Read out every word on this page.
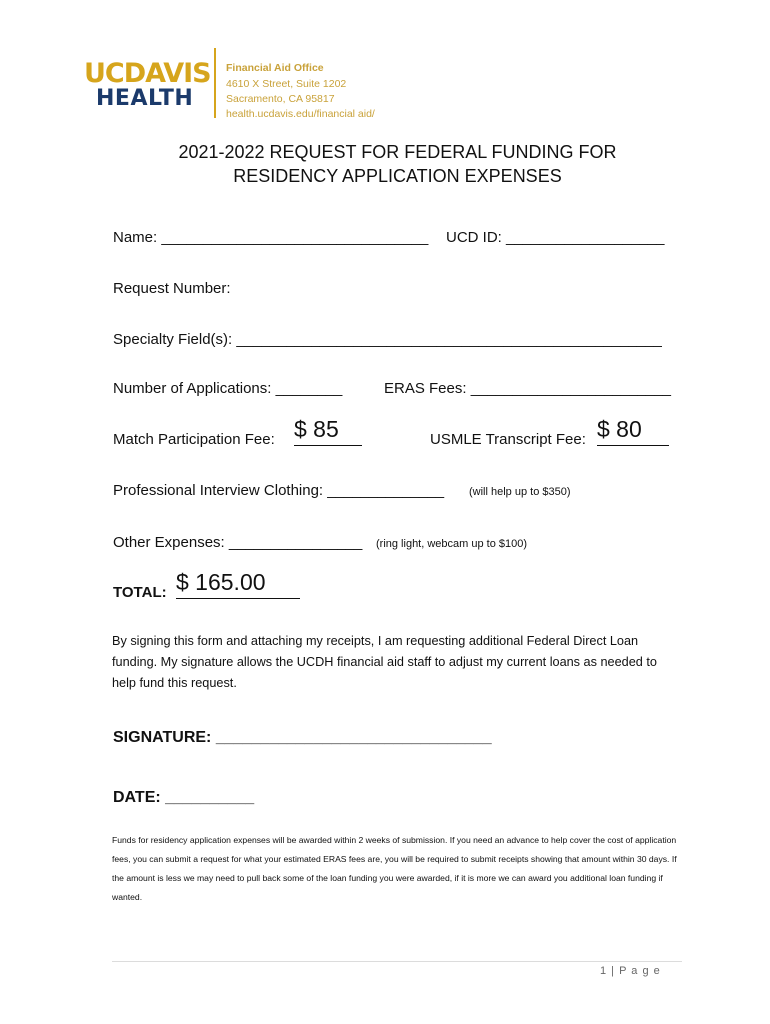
UCDAVIS
HEALTH
Financial Aid Office
4610 X Street, Suite 1202
Sacramento, CA 95817
health.ucdavis.edu/financial aid/
2021-2022 REQUEST FOR FEDERAL FUNDING FOR
RESIDENCY APPLICATION EXPENSES
Name: ________________________________ UCD ID: ___________________
Request Number:
Specialty Field(s): ___________________________________________________
Number of Applications: ________	ERAS Fees: ________________________
Match Participation Fee: $ 85	USMLE Transcript Fee: $ 80
Professional Interview Clothing: ______________ (will help up to $350)
Other Expenses: ________________ (ring light, webcam up to $100)
TOTAL: $ 165.00
By signing this form and attaching my receipts, I am requesting additional Federal Direct Loan funding. My signature allows the UCDH financial aid staff to adjust my current loans as needed to help fund this request.
SIGNATURE: _______________________________
DATE: __________
Funds for residency application expenses will be awarded within 2 weeks of submission. If you need an advance to help cover the cost of application fees, you can submit a request for what your estimated ERAS fees are, you will be required to submit receipts showing that amount within 30 days. If the amount is less we may need to pull back some of the loan funding you were awarded, if it is more we can award you additional loan funding if wanted.
1 | P a g e
